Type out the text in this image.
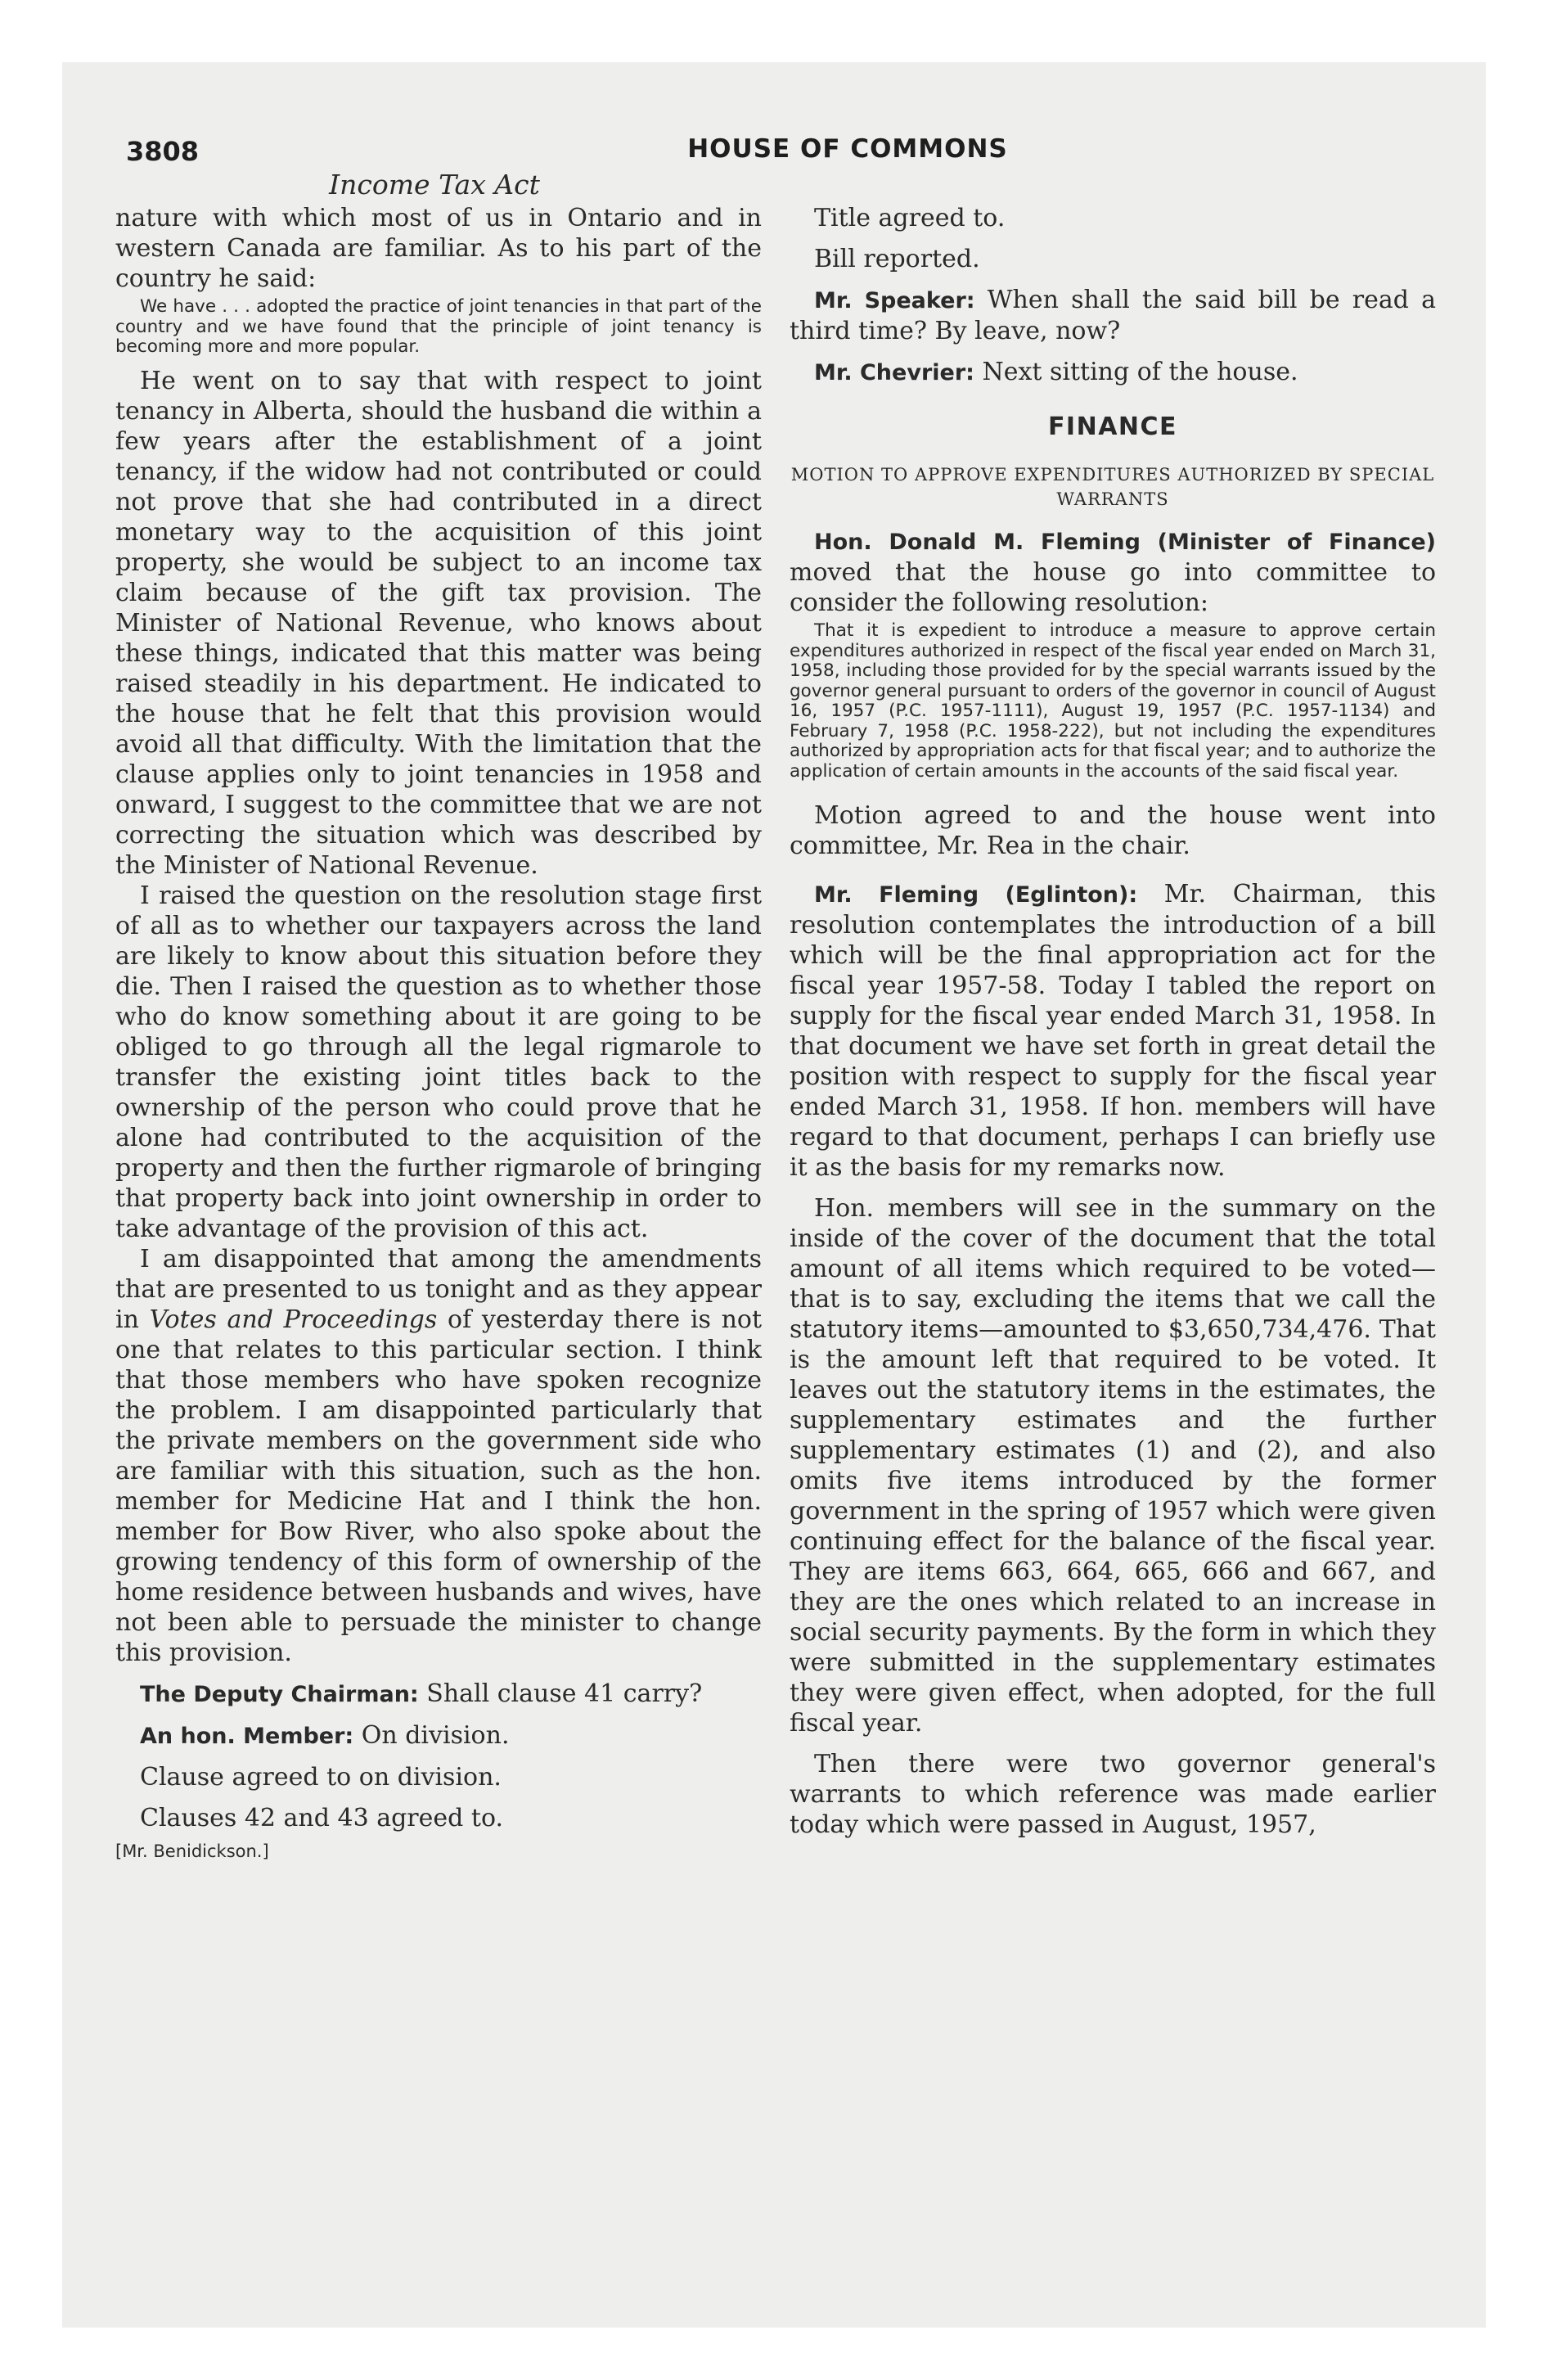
3808	HOUSE OF COMMONS
Income Tax Act

nature with which most of us in Ontario and in western Canada are familiar. As to his part of the country he said:

We have . . . adopted the practice of joint tenancies in that part of the country and we have found that the principle of joint tenancy is becoming more and more popular.

He went on to say that with respect to joint tenancy in Alberta, should the husband die within a few years after the establishment of a joint tenancy, if the widow had not contributed or could not prove that she had contributed in a direct monetary way to the acquisition of this joint property, she would be subject to an income tax claim because of the gift tax provision. The Minister of National Revenue, who knows about these things, indicated that this matter was being raised steadily in his department. He indicated to the house that he felt that this provision would avoid all that difficulty. With the limitation that the clause applies only to joint tenancies in 1958 and onward, I suggest to the committee that we are not correcting the situation which was described by the Minister of National Revenue.

I raised the question on the resolution stage first of all as to whether our taxpayers across the land are likely to know about this situation before they die. Then I raised the question as to whether those who do know something about it are going to be obliged to go through all the legal rigmarole to transfer the existing joint titles back to the ownership of the person who could prove that he alone had contributed to the acquisition of the property and then the further rigmarole of bringing that property back into joint ownership in order to take advantage of the provision of this act.

I am disappointed that among the amendments that are presented to us tonight and as they appear in Votes and Proceedings of yesterday there is not one that relates to this particular section. I think that those members who have spoken recognize the problem. I am disappointed particularly that the private members on the government side who are familiar with this situation, such as the hon. member for Medicine Hat and I think the hon. member for Bow River, who also spoke about the growing tendency of this form of ownership of the home residence between husbands and wives, have not been able to persuade the minister to change this provision.

The Deputy Chairman: Shall clause 41 carry?

An hon. Member: On division.

Clause agreed to on division.

Clauses 42 and 43 agreed to.

[Mr. Benidickson.]

Title agreed to.

Bill reported.

Mr. Speaker: When shall the said bill be read a third time? By leave, now?

Mr. Chevrier: Next sitting of the house.

FINANCE
MOTION TO APPROVE EXPENDITURES AUTHORIZED BY SPECIAL WARRANTS

Hon. Donald M. Fleming (Minister of Finance) moved that the house go into committee to consider the following resolution:

That it is expedient to introduce a measure to approve certain expenditures authorized in respect of the fiscal year ended on March 31, 1958, including those provided for by the special warrants issued by the governor general pursuant to orders of the governor in council of August 16, 1957 (P.C. 1957-1111), August 19, 1957 (P.C. 1957-1134) and February 7, 1958 (P.C. 1958-222), but not including the expenditures authorized by appropriation acts for that fiscal year; and to authorize the application of certain amounts in the accounts of the said fiscal year.

Motion agreed to and the house went into committee, Mr. Rea in the chair.

Mr. Fleming (Eglinton): Mr. Chairman, this resolution contemplates the introduction of a bill which will be the final appropriation act for the fiscal year 1957-58. Today I tabled the report on supply for the fiscal year ended March 31, 1958. In that document we have set forth in great detail the position with respect to supply for the fiscal year ended March 31, 1958. If hon. members will have regard to that document, perhaps I can briefly use it as the basis for my remarks now.

Hon. members will see in the summary on the inside of the cover of the document that the total amount of all items which required to be voted—that is to say, excluding the items that we call the statutory items—amounted to $3,650,734,476. That is the amount left that required to be voted. It leaves out the statutory items in the estimates, the supplementary estimates and the further supplementary estimates (1) and (2), and also omits five items introduced by the former government in the spring of 1957 which were given continuing effect for the balance of the fiscal year. They are items 663, 664, 665, 666 and 667, and they are the ones which related to an increase in social security payments. By the form in which they were submitted in the supplementary estimates they were given effect, when adopted, for the full fiscal year.

Then there were two governor general's warrants to which reference was made earlier today which were passed in August, 1957,
